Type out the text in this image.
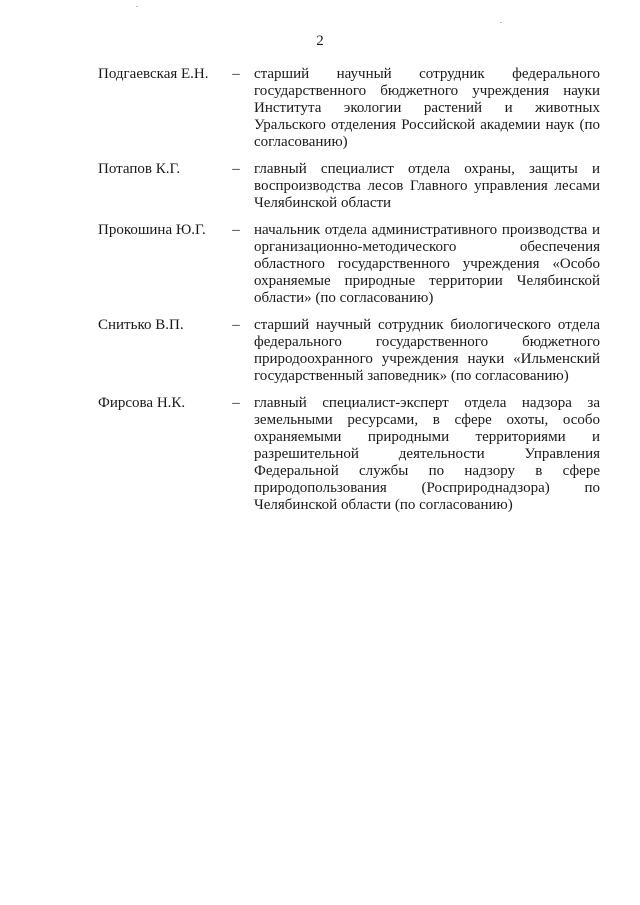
2
Подгаевская Е.Н.	– старший научный сотрудник федерального государственного бюджетного учреждения науки Института экологии растений и животных Уральского отделения Российской академии наук (по согласованию)
Потапов К.Г.	– главный специалист отдела охраны, защиты и воспроизводства лесов Главного управления лесами Челябинской области
Прокошина Ю.Г.	– начальник отдела административного производства и организационно-методического обеспечения областного государственного учреждения «Особо охраняемые природные территории Челябинской области» (по согласованию)
Снитько В.П.	– старший научный сотрудник биологического отдела федерального государственного бюджетного природоохранного учреждения науки «Ильменский государственный заповедник» (по согласованию)
Фирсова Н.К.	– главный специалист-эксперт отдела надзора за земельными ресурсами, в сфере охоты, особо охраняемыми природными территориями и разрешительной деятельности Управления Федеральной службы по надзору в сфере природопользования (Росприроднадзора) по Челябинской области (по согласованию)
